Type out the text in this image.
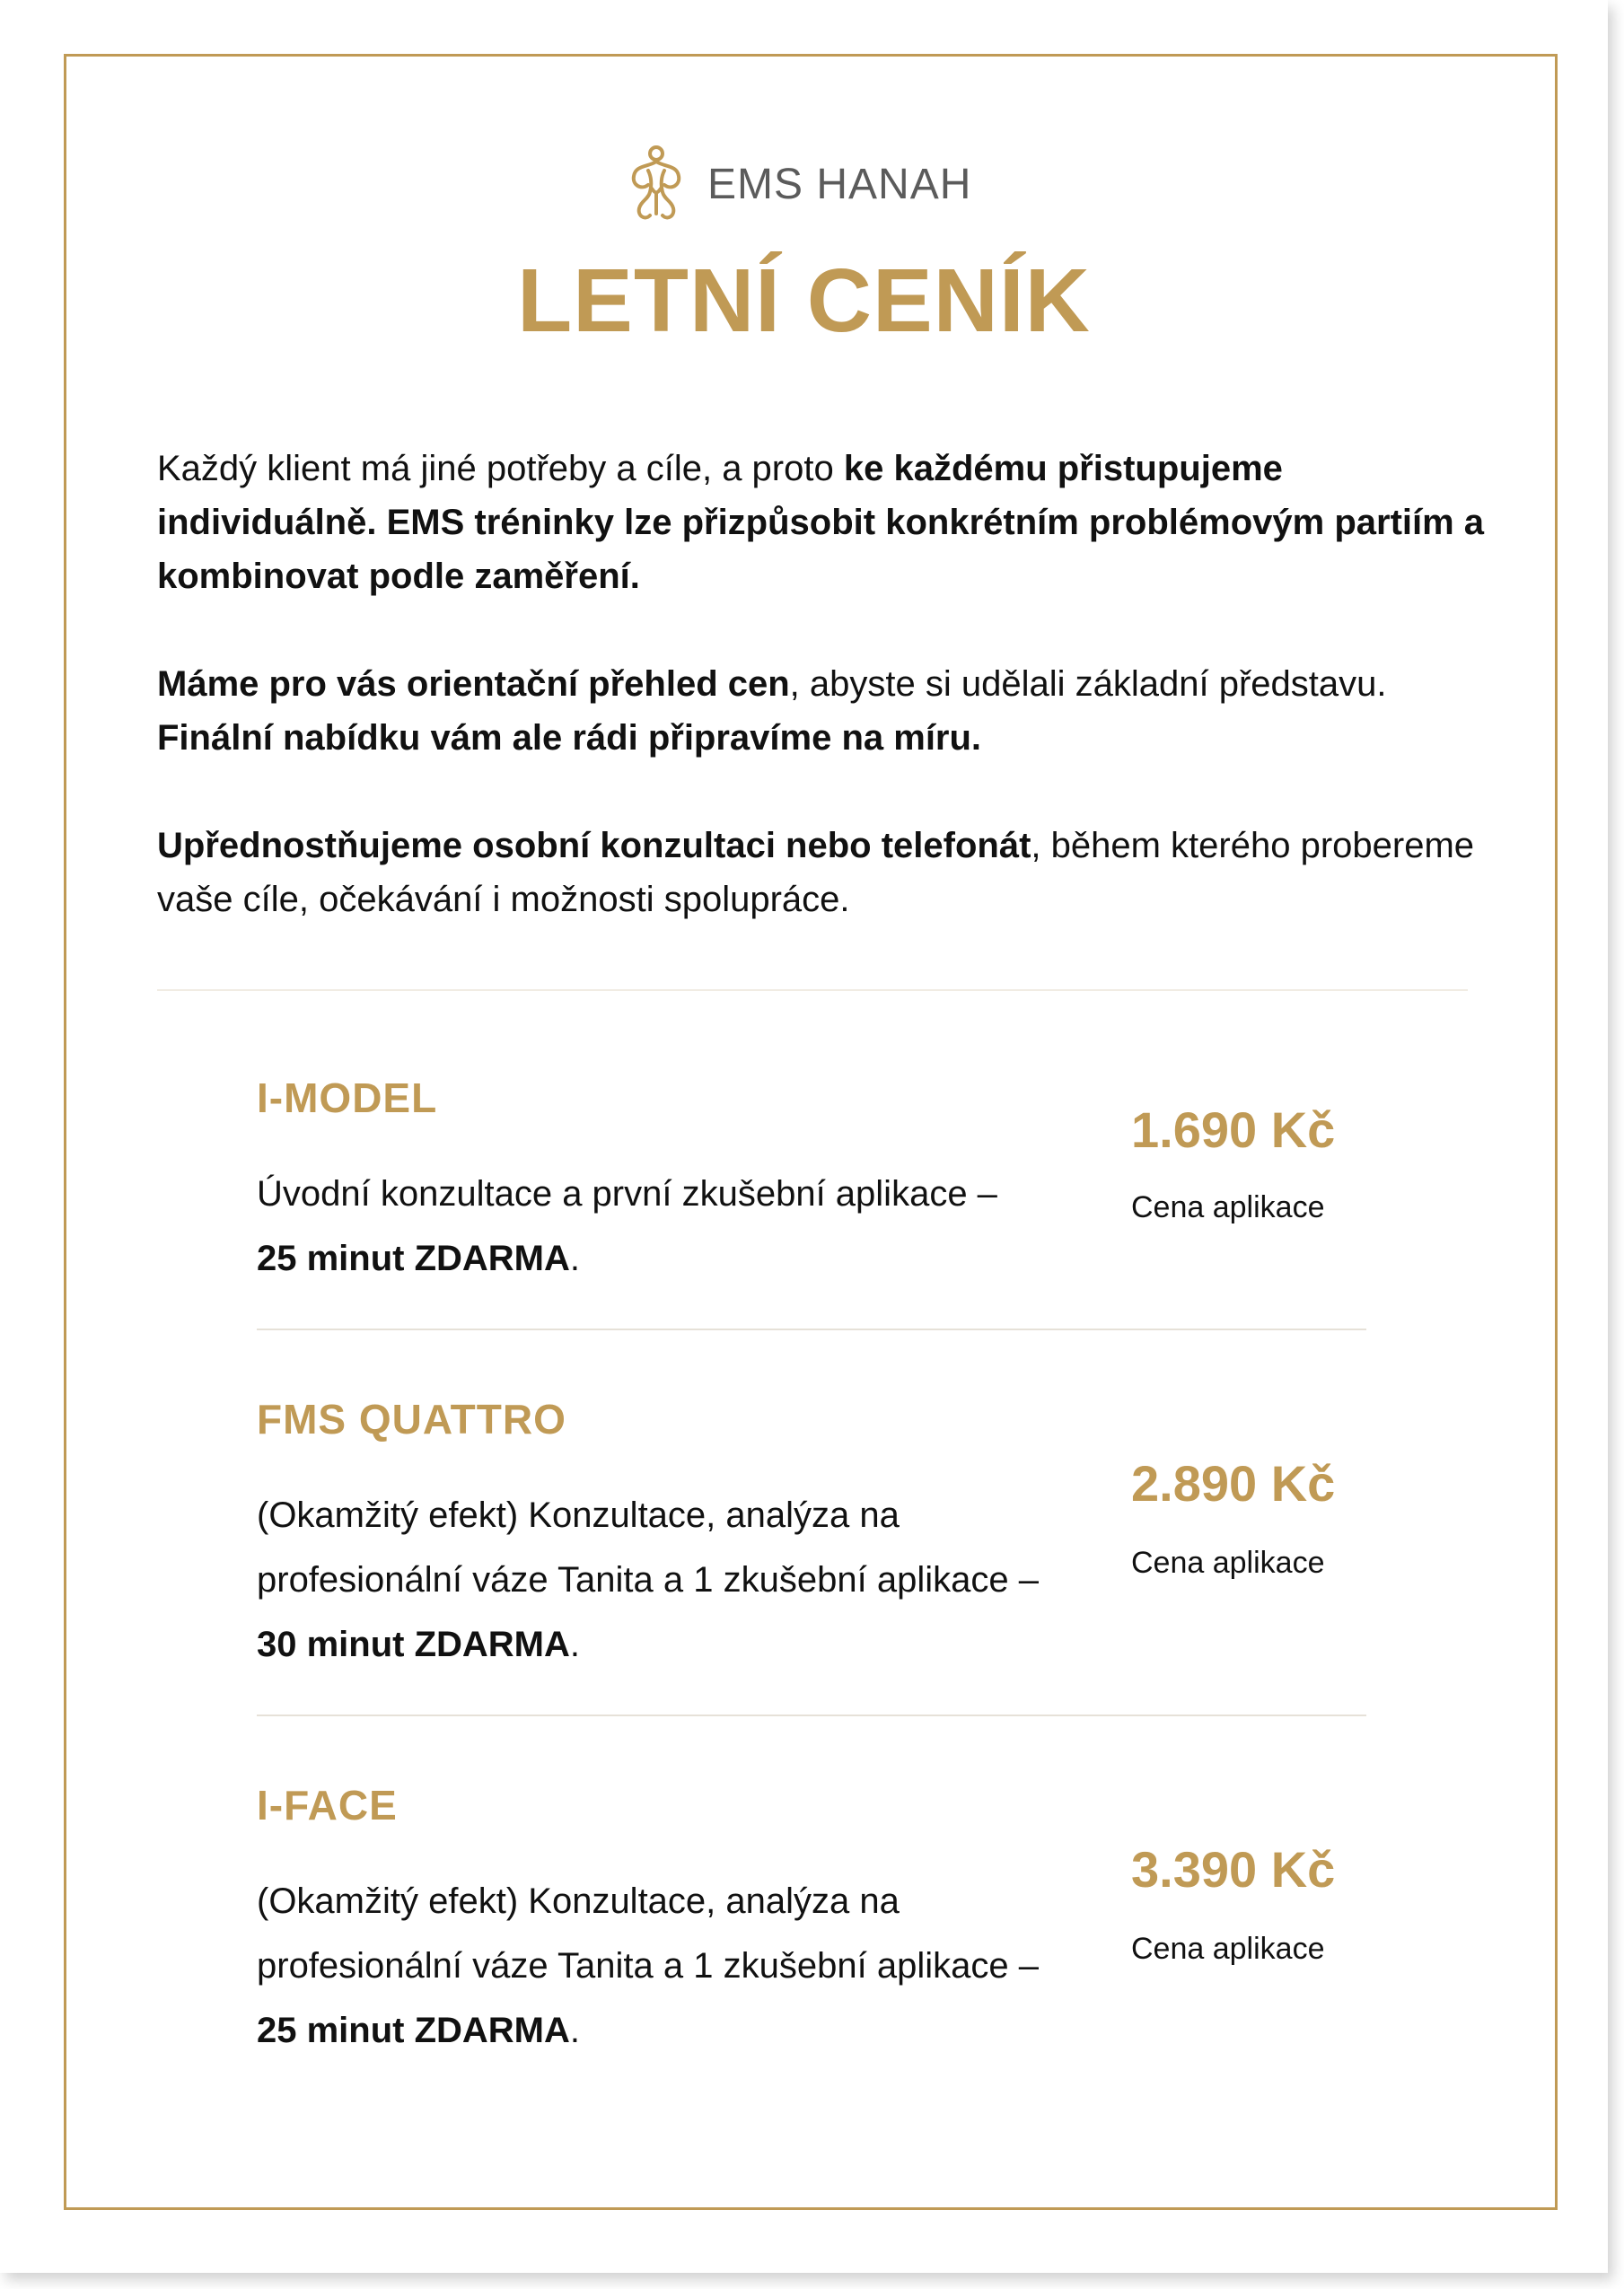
EMS HANAH
LETNÍ CENÍK

Každý klient má jiné potřeby a cíle, a proto ke každému přistupujeme individuálně. EMS tréninky lze přizpůsobit konkrétním problémovým partiím a kombinovat podle zaměření.

Máme pro vás orientační přehled cen, abyste si udělali základní představu. Finální nabídku vám ale rádi připravíme na míru.

Upřednostňujeme osobní konzultaci nebo telefonát, během kterého probereme vaše cíle, očekávání i možnosti spolupráce.

I-MODEL
Úvodní konzultace a první zkušební aplikace – 25 minut ZDARMA.
1.690 Kč
Cena aplikace
FMS QUATTRO
(Okamžitý efekt) Konzultace, analýza na profesionální váze Tanita a 1 zkušební aplikace – 30 minut ZDARMA.
2.890 Kč
Cena aplikace
I-FACE
(Okamžitý efekt) Konzultace, analýza na profesionální váze Tanita a 1 zkušební aplikace – 25 minut ZDARMA.
3.390 Kč
Cena aplikace
